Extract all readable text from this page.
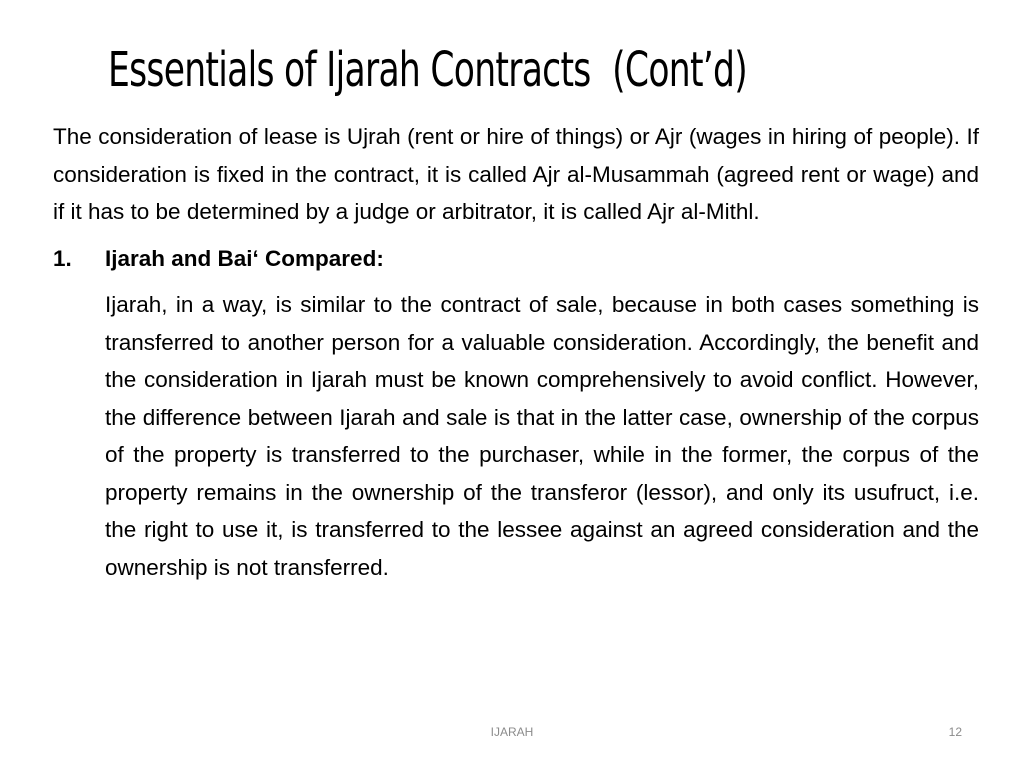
Essentials of Ijarah Contracts (Cont’d)

The consideration of lease is Ujrah (rent or hire of things) or Ajr (wages in hiring of people). If consideration is fixed in the contract, it is called Ajr al-Musammah (agreed rent or wage) and if it has to be determined by a judge or arbitrator, it is called Ajr al-Mithl.

1. Ijarah and Bai‘ Compared:

Ijarah, in a way, is similar to the contract of sale, because in both cases something is transferred to another person for a valuable consideration. Accordingly, the benefit and the consideration in Ijarah must be known comprehensively to avoid conflict. However, the difference between Ijarah and sale is that in the latter case, ownership of the corpus of the property is transferred to the purchaser, while in the former, the corpus of the property remains in the ownership of the transferor (lessor), and only its usufruct, i.e. the right to use it, is transferred to the lessee against an agreed consideration and the ownership is not transferred.

IJARAH	12
